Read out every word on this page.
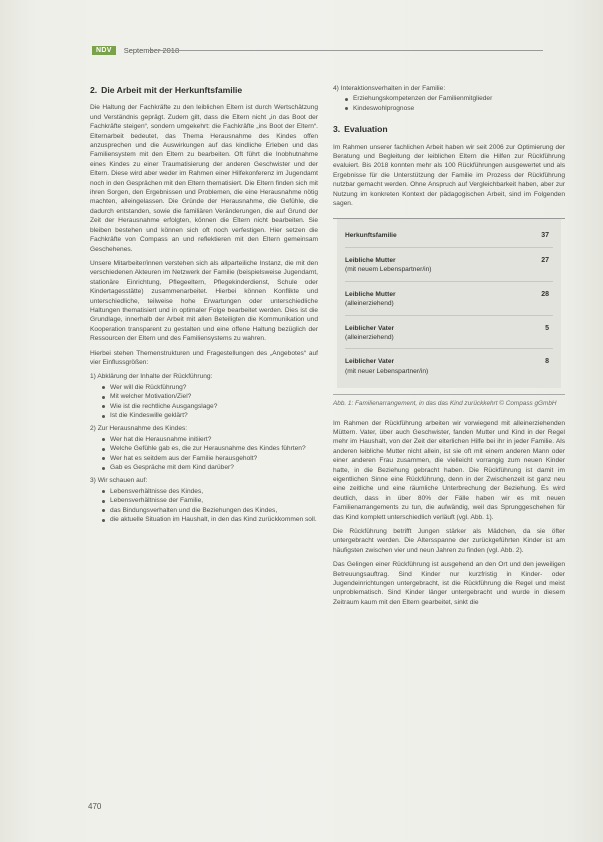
NDV	September 2018
2. Die Arbeit mit der Herkunftsfamilie

Die Haltung der Fachkräfte zu den leiblichen Eltern ist durch Wertschätzung und Verständnis geprägt. Zudem gilt, dass die Eltern nicht „in das Boot der Fachkräfte steigen“, sondern umgekehrt: die Fachkräfte „ins Boot der Eltern“. Elternarbeit bedeutet, das Thema Herausnahme des Kindes offen anzusprechen und die Auswirkungen auf das kindliche Erleben und das Familiensystem mit den Eltern zu bearbeiten. Oft führt die Inobhutnahme eines Kindes zu einer Traumatisierung der anderen Geschwister und der Eltern. Diese wird aber weder im Rahmen einer Hilfekonferenz im Jugendamt noch in den Gesprächen mit den Eltern thematisiert. Die Eltern finden sich mit ihren Sorgen, den Ergebnissen und Problemen, die eine Herausnahme nötig machten, alleingelassen. Die Gründe der Herausnahme, die Gefühle, die dadurch entstanden, sowie die familiären Veränderungen, die auf Grund der Zeit der Herausnahme erfolgten, können die Eltern nicht bearbeiten. Sie bleiben bestehen und können sich oft noch verfestigen. Hier setzen die Fachkräfte von Compass an und reflektieren mit den Eltern gemeinsam Geschehenes.

Unsere Mitarbeiter/innen verstehen sich als allparteiliche Instanz, die mit den verschiedenen Akteuren im Netzwerk der Familie (beispielsweise Jugendamt, stationäre Einrichtung, Pflegeeltern, Pflegekinderdienst, Schule oder Kindertagesstätte) zusammenarbeitet. Hierbei können Konflikte und unterschiedliche, teilweise hohe Erwartungen oder unterschiedliche Haltungen thematisiert und in optimaler Folge bearbeitet werden. Dies ist die Grundlage, innerhalb der Arbeit mit allen Beteiligten die Kommunikation und Kooperation transparent zu gestalten und eine offene Haltung bezüglich der Ressourcen der Eltern und des Familiensystems zu wahren.

Hierbei stehen Themenstrukturen und Fragestellungen des „Angebotes“ auf vier Einflussgrößen:

1) Abklärung der Inhalte der Rückführung:
Wer will die Rückführung?
Mit welcher Motivation/Ziel?
Wie ist die rechtliche Ausgangslage?
Ist die Kindeswille geklärt?
2) Zur Herausnahme des Kindes:
Wer hat die Herausnahme initiiert?
Welche Gefühle gab es, die zur Herausnahme des Kindes führten?
Wer hat es seitdem aus der Familie herausgeholt?
Gab es Gespräche mit dem Kind darüber?
3) Wir schauen auf:
Lebensverhältnisse des Kindes,
Lebensverhältnisse der Familie,
das Bindungsverhalten und die Beziehungen des Kindes,
die aktuelle Situation im Haushalt, in den das Kind zurückkommen soll.
4) Interaktionsverhalten in der Familie:
Erziehungskompetenzen der Familienmitglieder
Kindeswohlprognose
3. Evaluation

Im Rahmen unserer fachlichen Arbeit haben wir seit 2006 zur Optimierung der Beratung und Begleitung der leiblichen Eltern die Hilfen zur Rückführung evaluiert. Bis 2018 konnten mehr als 100 Rückführungen ausgewertet und als Ergebnisse für die Unterstützung der Familie im Prozess der Rückführung nutzbar gemacht werden. Ohne Anspruch auf Vergleichbarkeit haben, aber zur Nutzung im konkreten Kontext der pädagogischen Arbeit, sind im Folgenden sagen.

Herkunftsfamilie	37
Leibliche Mutter
(mit neuem Lebenspartner/in)
27
Leibliche Mutter
(alleinerziehend)
28
Leiblicher Vater
(alleinerziehend)
5
Leiblicher Vater
(mit neuer Lebenspartner/in)
8
Abb. 1: Familienarrangement, in das das Kind zurückkehrt © Compass gGmbH

Im Rahmen der Rückführung arbeiten wir vorwiegend mit alleinerziehenden Müttern. Vater, über auch Geschwister, fanden Mutter und Kind in der Regel mehr im Haushalt, von der Zeit der elterlichen Hilfe bei ihr in jeder Familie. Als anderen leibliche Mutter nicht allein, ist sie oft mit einem anderen Mann oder einer anderen Frau zusammen, die vielleicht vorrangig zum neuen Kinder hatte, in die Beziehung gebracht haben. Die Rückführung ist damit im eigentlichen Sinne eine Rückführung, denn in der Zwischenzeit ist ganz neu eine zeitliche und eine räumliche Unterbrechung der Beziehung. Es wird deutlich, dass in über 80% der Fälle haben wir es mit neuen Familienarrangements zu tun, die aufwändig, weil das Sprunggeschehen für das Kind komplett unterschiedlich verläuft (vgl. Abb. 1).

Die Rückführung betrifft Jungen stärker als Mädchen, da sie öfter untergebracht werden. Die Altersspanne der zurückgeführten Kinder ist am häufigsten zwischen vier und neun Jahren zu finden (vgl. Abb. 2).

Das Gelingen einer Rückführung ist ausgehend an den Ort und den jeweiligen Betreuungsauftrag. Sind Kinder nur kurzfristig in Kinder- oder Jugendeinrichtungen untergebracht, ist die Rückführung die Regel und meist unproblematisch. Sind Kinder länger untergebracht und wurde in diesem Zeitraum kaum mit den Eltern gearbeitet, sinkt die

470
